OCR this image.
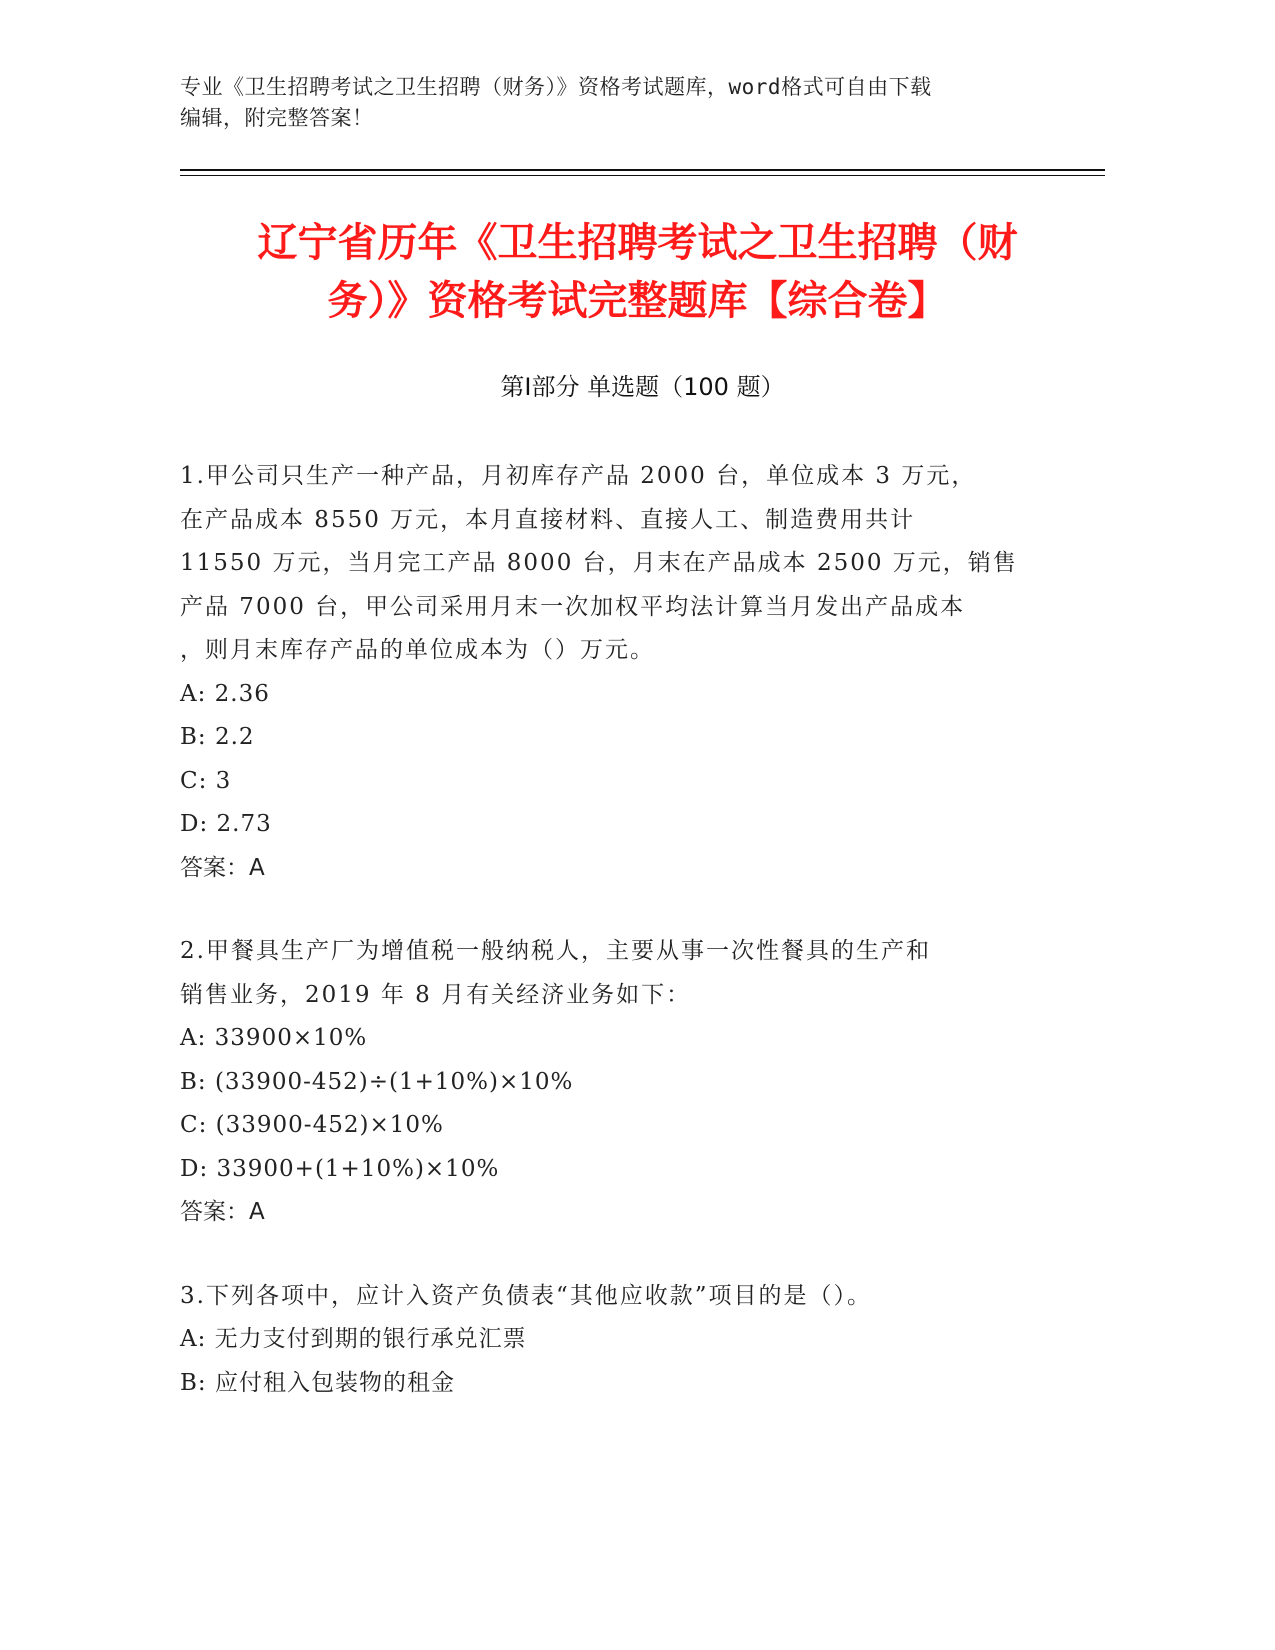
专业《卫生招聘考试之卫生招聘（财务）》资格考试题库，word格式可自由下载
编辑，附完整答案！
辽宁省历年《卫生招聘考试之卫生招聘（财
务）》资格考试完整题库【综合卷】
第Ⅰ部分 单选题（100 题）
1.甲公司只生产一种产品，月初库存产品 2000 台，单位成本 3 万元，
在产品成本 8550 万元，本月直接材料、直接人工、制造费用共计
11550 万元，当月完工产品 8000 台，月末在产品成本 2500 万元，销售
产品 7000 台，甲公司采用月末一次加权平均法计算当月发出产品成本
，则月末库存产品的单位成本为（）万元。
A: 2.36
B: 2.2
C: 3
D: 2.73
答案：A
2.甲餐具生产厂为增值税一般纳税人，主要从事一次性餐具的生产和
销售业务，2019 年 8 月有关经济业务如下：
A: 33900×10%
B: (33900-452)÷(1+10%)×10%
C: (33900-452)×10%
D: 33900+(1+10%)×10%
答案：A
3.下列各项中，应计入资产负债表“其他应收款”项目的是（）。
A: 无力支付到期的银行承兑汇票
B: 应付租入包装物的租金
